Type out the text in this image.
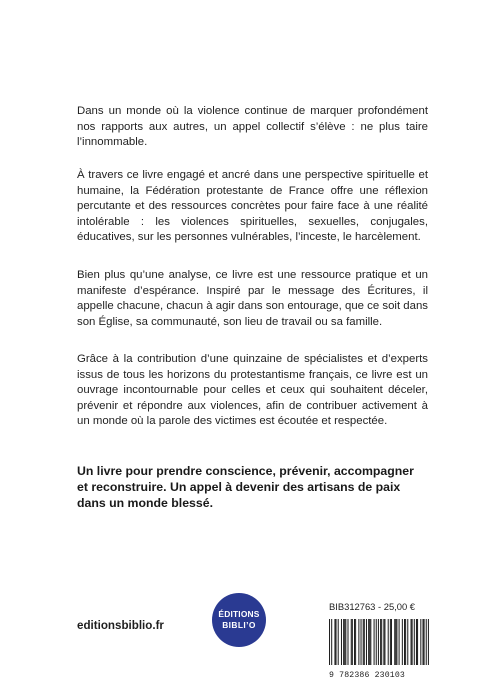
Dans un monde où la violence continue de marquer profondément nos rapports aux autres, un appel collectif s’élève : ne plus taire l’innommable.

À travers ce livre engagé et ancré dans une perspective spirituelle et humaine, la Fédération protestante de France offre une réflexion percutante et des ressources concrètes pour faire face à une réalité intolérable : les violences spirituelles, sexuelles, conjugales, éducatives, sur les personnes vulnérables, l’inceste, le harcèlement.

Bien plus qu’une analyse, ce livre est une ressource pratique et un manifeste d’espérance. Inspiré par le message des Écritures, il appelle chacune, chacun à agir dans son entourage, que ce soit dans son Église, sa communauté, son lieu de travail ou sa famille.

Grâce à la contribution d’une quinzaine de spécialistes et d’experts issus de tous les horizons du protestantisme français, ce livre est un ouvrage incontournable pour celles et ceux qui souhaitent déceler, prévenir et répondre aux violences, afin de contribuer activement à un monde où la parole des victimes est écoutée et respectée.

Un livre pour prendre conscience, prévenir, accompagner et reconstruire. Un appel à devenir des artisans de paix dans un monde blessé.

editionsbiblio.fr
ÉDITIONS
BIBLI’O
BIB312763 - 25,00 €
9 782386 230103
